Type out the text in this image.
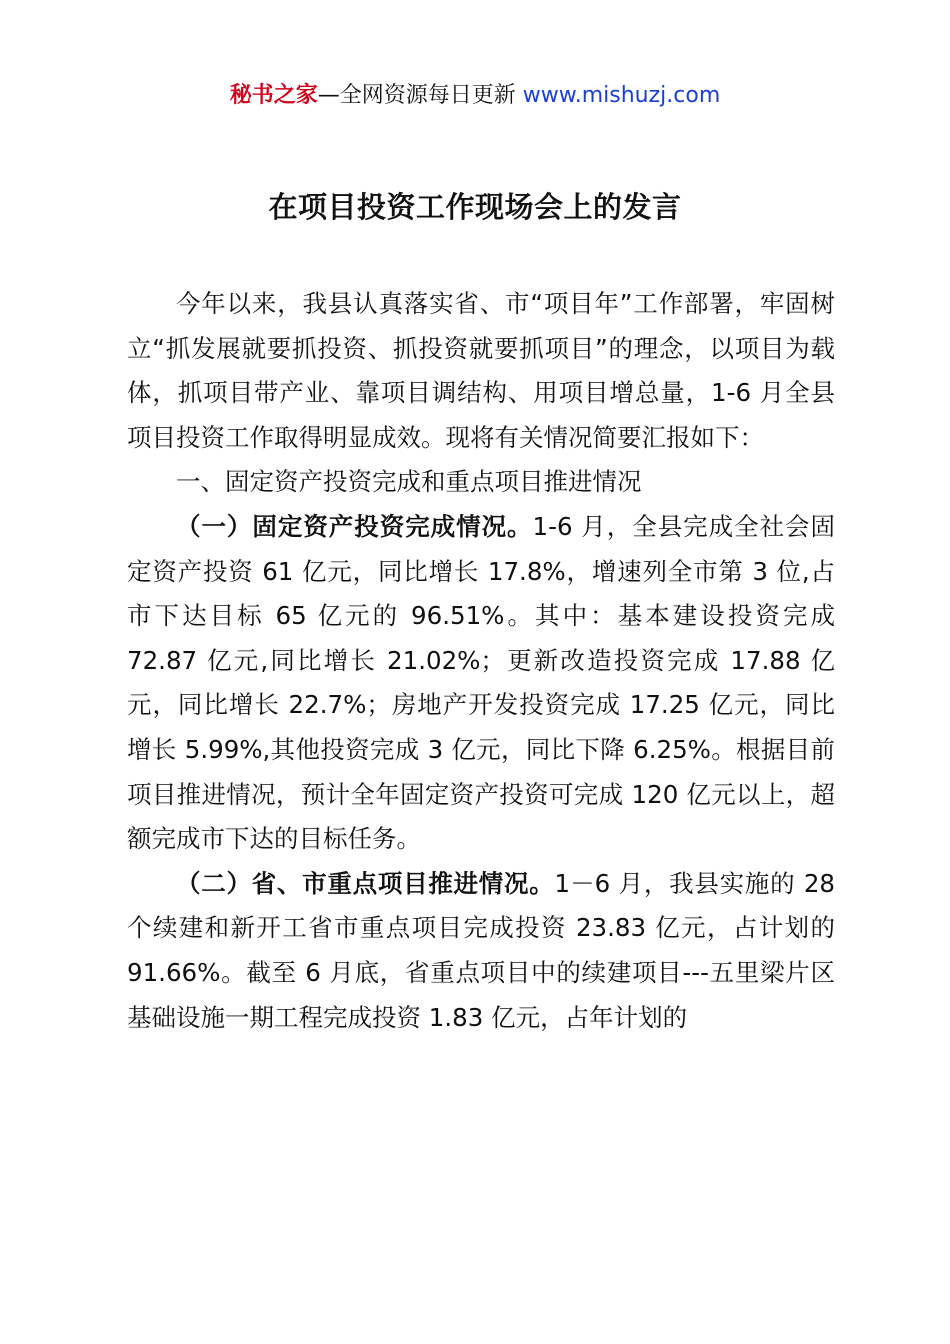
秘书之家—全网资源每日更新 www.mishuzj.com
在项目投资工作现场会上的发言

今年以来，我县认真落实省、市“项目年”工作部署，牢固树立“抓发展就要抓投资、抓投资就要抓项目”的理念，以项目为载体，抓项目带产业、靠项目调结构、用项目增总量，1-6 月全县项目投资工作取得明显成效。现将有关情况简要汇报如下：

一、固定资产投资完成和重点项目推进情况

（一）固定资产投资完成情况。1-6 月，全县完成全社会固定资产投资 61 亿元，同比增长 17.8%，增速列全市第 3 位,占市下达目标 65 亿元的 96.51%。其中：基本建设投资完成 72.87 亿元,同比增长 21.02%；更新改造投资完成 17.88 亿元，同比增长 22.7%；房地产开发投资完成 17.25 亿元，同比增长 5.99%,其他投资完成 3 亿元，同比下降 6.25%。根据目前项目推进情况，预计全年固定资产投资可完成 120 亿元以上，超额完成市下达的目标任务。

（二）省、市重点项目推进情况。1－6 月，我县实施的 28 个续建和新开工省市重点项目完成投资 23.83 亿元，占计划的 91.66%。截至 6 月底，省重点项目中的续建项目---五里梁片区基础设施一期工程完成投资 1.83 亿元，占年计划的
